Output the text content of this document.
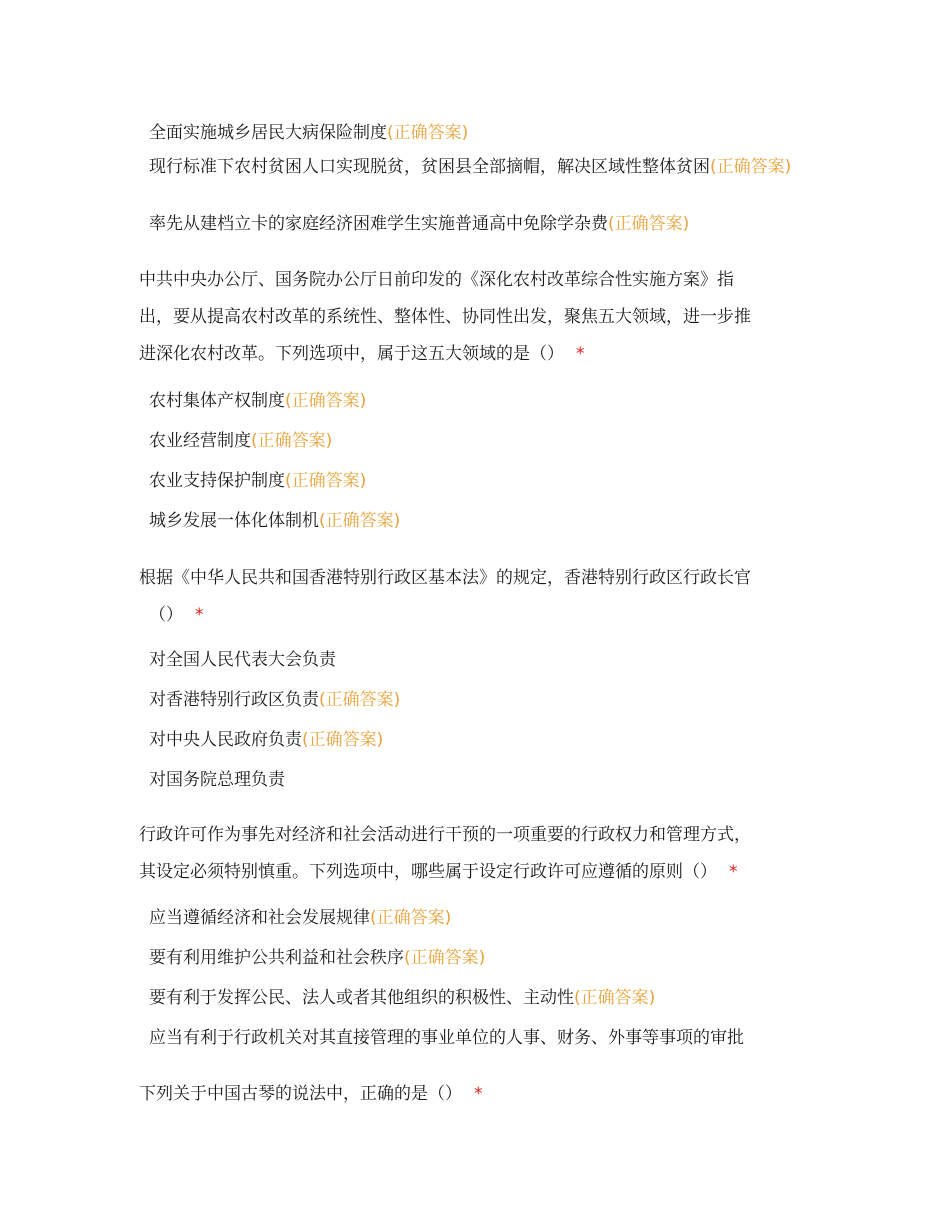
全面实施城乡居民大病保险制度(正确答案)
现行标准下农村贫困人口实现脱贫，贫困县全部摘帽，解决区域性整体贫困(正确答案)
率先从建档立卡的家庭经济困难学生实施普通高中免除学杂费(正确答案)
中共中央办公厅、国务院办公厅日前印发的《深化农村改革综合性实施方案》指
出，要从提高农村改革的系统性、整体性、协同性出发，聚焦五大领域，进一步推
进深化农村改革。下列选项中，属于这五大领域的是（） *
农村集体产权制度(正确答案)
农业经营制度(正确答案)
农业支持保护制度(正确答案)
城乡发展一体化体制机(正确答案)
根据《中华人民共和国香港特别行政区基本法》的规定，香港特别行政区行政长官
（） *
对全国人民代表大会负责
对香港特别行政区负责(正确答案)
对中央人民政府负责(正确答案)
对国务院总理负责
行政许可作为事先对经济和社会活动进行干预的一项重要的行政权力和管理方式，
其设定必须特别慎重。下列选项中，哪些属于设定行政许可应遵循的原则（） *
应当遵循经济和社会发展规律(正确答案)
要有利用维护公共利益和社会秩序(正确答案)
要有利于发挥公民、法人或者其他组织的积极性、主动性(正确答案)
应当有利于行政机关对其直接管理的事业单位的人事、财务、外事等事项的审批
下列关于中国古琴的说法中，正确的是（） *
